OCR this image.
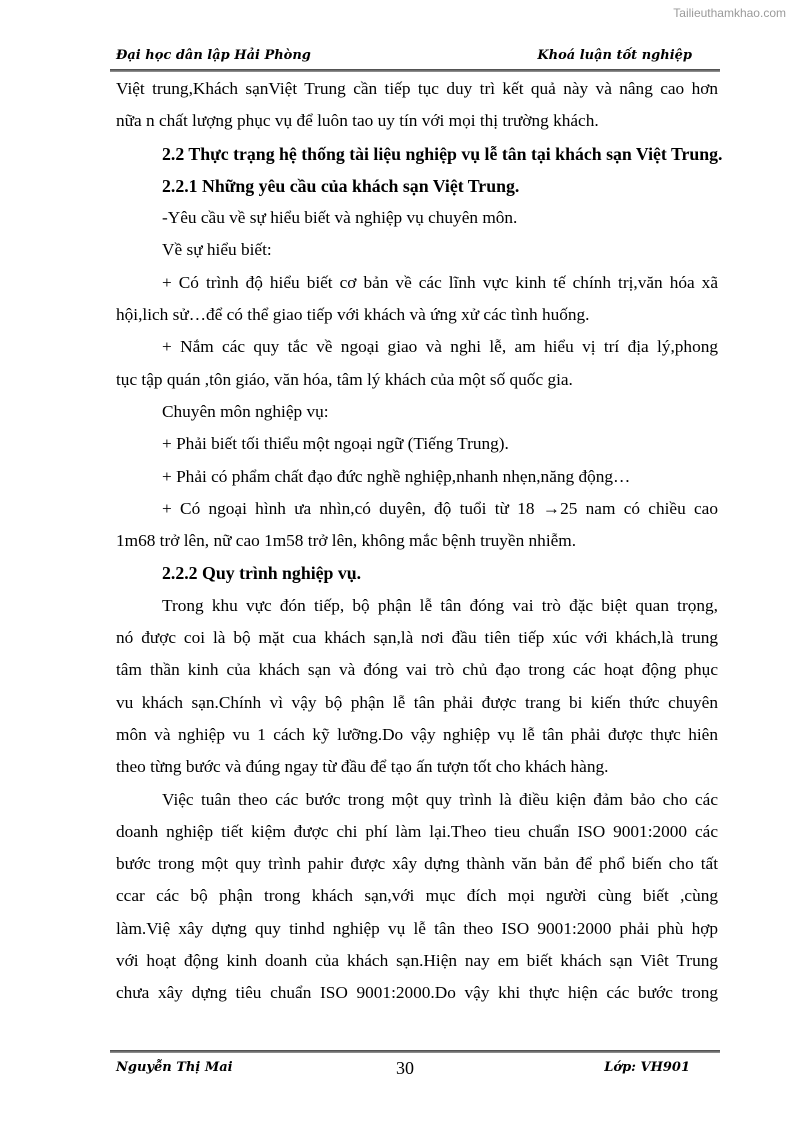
Tailieuthamkhao.com
Đại học dân lập Hải Phòng	Khoá luận tốt nghiệp
Việt trung,Khách sạnViệt Trung cần tiếp tục duy trì kết quả này và nâng cao hơn
nữa n chất lượng phục vụ để luôn tao uy tín với mọi thị trường khách.
2.2 Thực trạng hệ thống tài liệu nghiệp vụ lễ tân tại khách sạn Việt Trung.
2.2.1 Những yêu cầu của khách sạn Việt Trung.
-Yêu cầu về sự hiểu biết và nghiệp vụ chuyên môn.
Về sự hiểu biết:
+ Có trình độ hiểu biết cơ bản về các lĩnh vực kinh tế chính trị,văn hóa xã
hội,lich sử…để có thể giao tiếp với khách và ứng xử các tình huống.
+ Nắm các quy tắc về ngoại giao và nghi lễ, am hiểu vị trí địa lý,phong
tục tập quán ,tôn giáo, văn hóa, tâm lý khách của một số quốc gia.
Chuyên môn nghiệp vụ:
+ Phải biết tối thiểu một ngoại ngữ (Tiếng Trung).
+ Phải có phẩm chất đạo đức nghề nghiệp,nhanh nhẹn,năng động…
+ Có ngoại hình ưa nhìn,có duyên, độ tuổi từ 18 →25 nam có chiều cao
1m68 trở lên, nữ cao 1m58 trở lên, không mắc bệnh truyền nhiễm.
2.2.2 Quy trình nghiệp vụ.
Trong khu vực đón tiếp, bộ phận lễ tân đóng vai trò đặc biệt quan trọng,
nó được coi là bộ mặt cua khách sạn,là nơi đầu tiên tiếp xúc với khách,là trung
tâm thần kinh của khách sạn và đóng vai trò chủ đạo trong các hoạt động phục
vu khách sạn.Chính vì vậy bộ phận lễ tân phải được trang bi kiến thức chuyên
môn và nghiệp vu 1 cách kỹ lưỡng.Do vậy nghiệp vụ lễ tân phải được thực hiên
theo từng bước và đúng ngay từ đầu để tạo ấn tượn tốt cho khách hàng.
Việc tuân theo các bước trong một quy trình là điều kiện đảm bảo cho các
doanh nghiệp tiết kiệm được chi phí làm lại.Theo tieu chuẩn ISO 9001:2000 các
bước trong một quy trình pahir được xây dựng thành văn bản để phổ biến cho tất
ccar các bộ phận trong khách sạn,với mục đích mọi người cùng biết ,cùng
làm.Việ xây dựng quy tinhd nghiệp vụ lễ tân theo ISO 9001:2000 phải phù hợp
với hoạt động kinh doanh của khách sạn.Hiện nay em biết khách sạn Viêt Trung
chưa xây dựng tiêu chuẩn ISO 9001:2000.Do vậy khi thực hiện các bước trong
Nguyễn Thị Mai	30	Lớp: VH901
